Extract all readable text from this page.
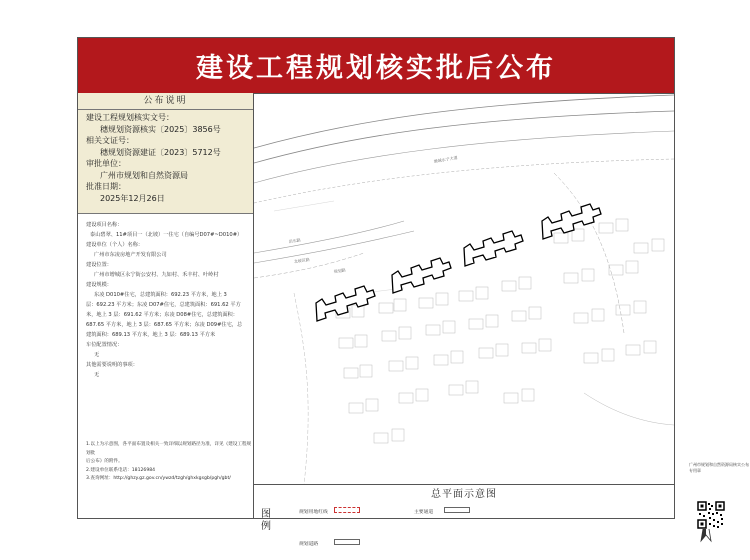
建设工程规划核实批后公布
公布说明
建设工程规划核实文号：
穗规划资源核实〔2025〕3856号
相关文证号：
穗规划资源建证〔2023〕5712号
审批单位：
广州市规划和自然资源局
批准日期：
2025年12月26日
建设项目名称：
泰山碧翠、11#项目一（北坡）一住宅（自编号D07#~D010#）
建设单位（个人）名称：
广州市东凌房地产开发有限公司
建设位置：
广州市增城区永宁街公安村、九如村、禾丰村、叶岭村
建设规模：
东凌 D010#住宅，总建筑面积：692.23 平方米，地上 3
层：692.23 平方米；东凌 D07#住宅，总建筑面积：691.62 平方
米，地上 3 层：691.62 平方米；东凌 D08#住宅，总建筑面积：
687.65 平方米，地上 3 层：687.65 平方米；东凌 D09#住宅，总
建筑面积：689.13 平方米，地上 3 层：689.13 平方米
车位配置情况：
无
其他需要说明的事项：
无
1.以上为示意图，各平面布置及相关一致详细以规划路径为准，详见《建设工程规划批
后公布》的附件。
2.建设单位联系电话：18126984
3.查询网址：http://ghzy.gz.gov.cn/ywzd/tzgh/ghxkgsgb/pgh/gbt/
增城永宁大道
沿东路
北坡区路
规划路
总平面示意图
图例
规划用地红线	主要通道
规划道路
广州市规划和自然资源局核实公布专用章
